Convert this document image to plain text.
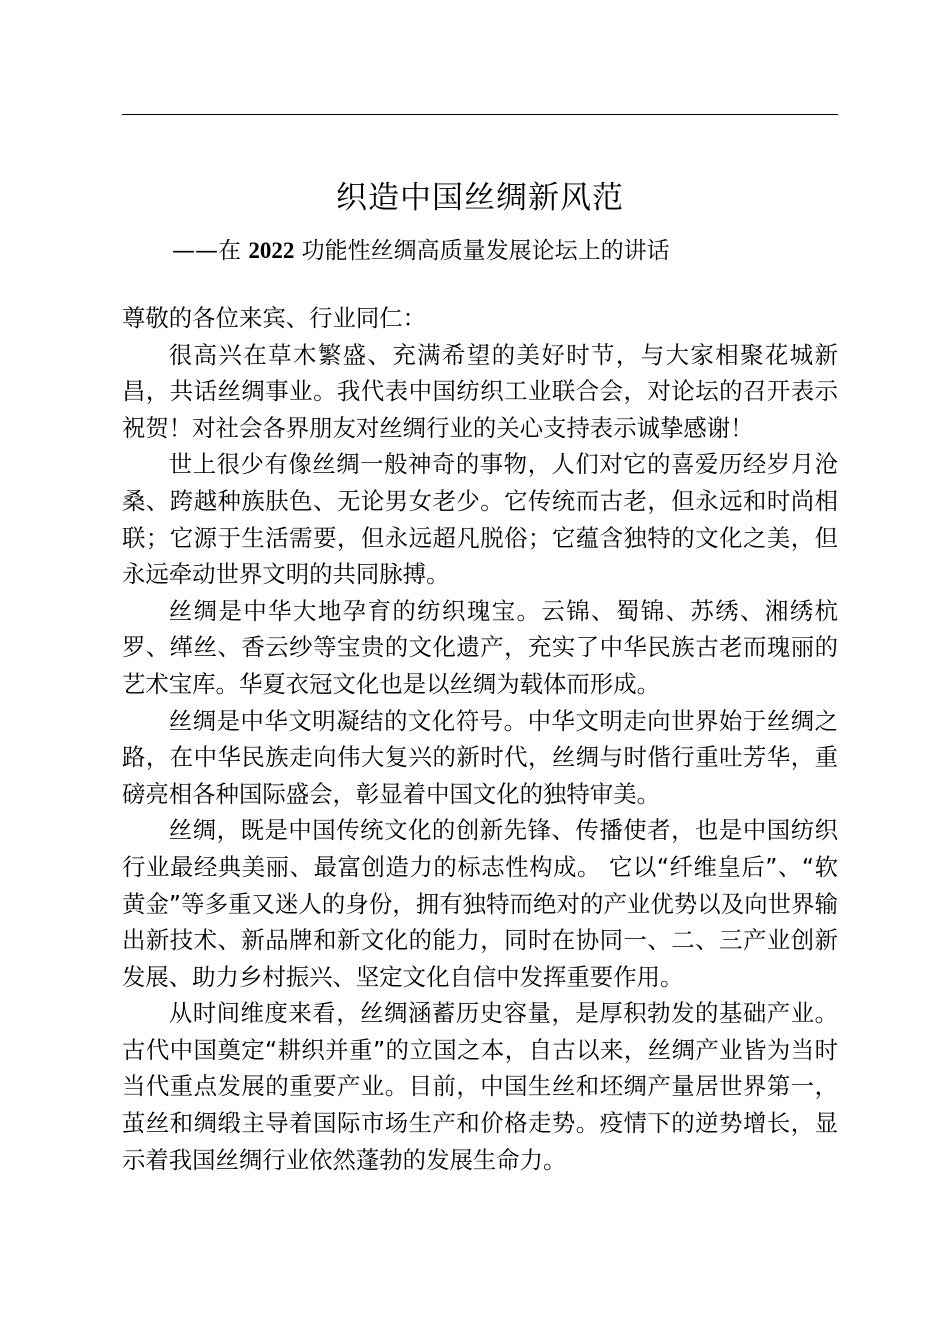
织造中国丝绸新风范
——在 2022 功能性丝绸高质量发展论坛上的讲话

尊敬的各位来宾、行业同仁：

很高兴在草木繁盛、充满希望的美好时节，与大家相聚花城新昌，共话丝绸事业。我代表中国纺织工业联合会，对论坛的召开表示祝贺！对社会各界朋友对丝绸行业的关心支持表示诚挚感谢！

世上很少有像丝绸一般神奇的事物，人们对它的喜爱历经岁月沧桑、跨越种族肤色、无论男女老少。它传统而古老，但永远和时尚相联；它源于生活需要，但永远超凡脱俗；它蕴含独特的文化之美，但永远牵动世界文明的共同脉搏。

丝绸是中华大地孕育的纺织瑰宝。云锦、蜀锦、苏绣、湘绣杭罗、缂丝、香云纱等宝贵的文化遗产，充实了中华民族古老而瑰丽的艺术宝库。华夏衣冠文化也是以丝绸为载体而形成。

丝绸是中华文明凝结的文化符号。中华文明走向世界始于丝绸之路，在中华民族走向伟大复兴的新时代，丝绸与时偕行重吐芳华，重磅亮相各种国际盛会，彰显着中国文化的独特审美。

丝绸，既是中国传统文化的创新先锋、传播使者，也是中国纺织行业最经典美丽、最富创造力的标志性构成。 它以“纤维皇后”、“软黄金”等多重又迷人的身份，拥有独特而绝对的产业优势以及向世界输出新技术、新品牌和新文化的能力，同时在协同一、二、三产业创新发展、助力乡村振兴、坚定文化自信中发挥重要作用。

从时间维度来看，丝绸涵蓄历史容量，是厚积勃发的基础产业。古代中国奠定“耕织并重”的立国之本，自古以来，丝绸产业皆为当时当代重点发展的重要产业。目前，中国生丝和坯绸产量居世界第一，茧丝和绸缎主导着国际市场生产和价格走势。疫情下的逆势增长，显示着我国丝绸行业依然蓬勃的发展生命力。
